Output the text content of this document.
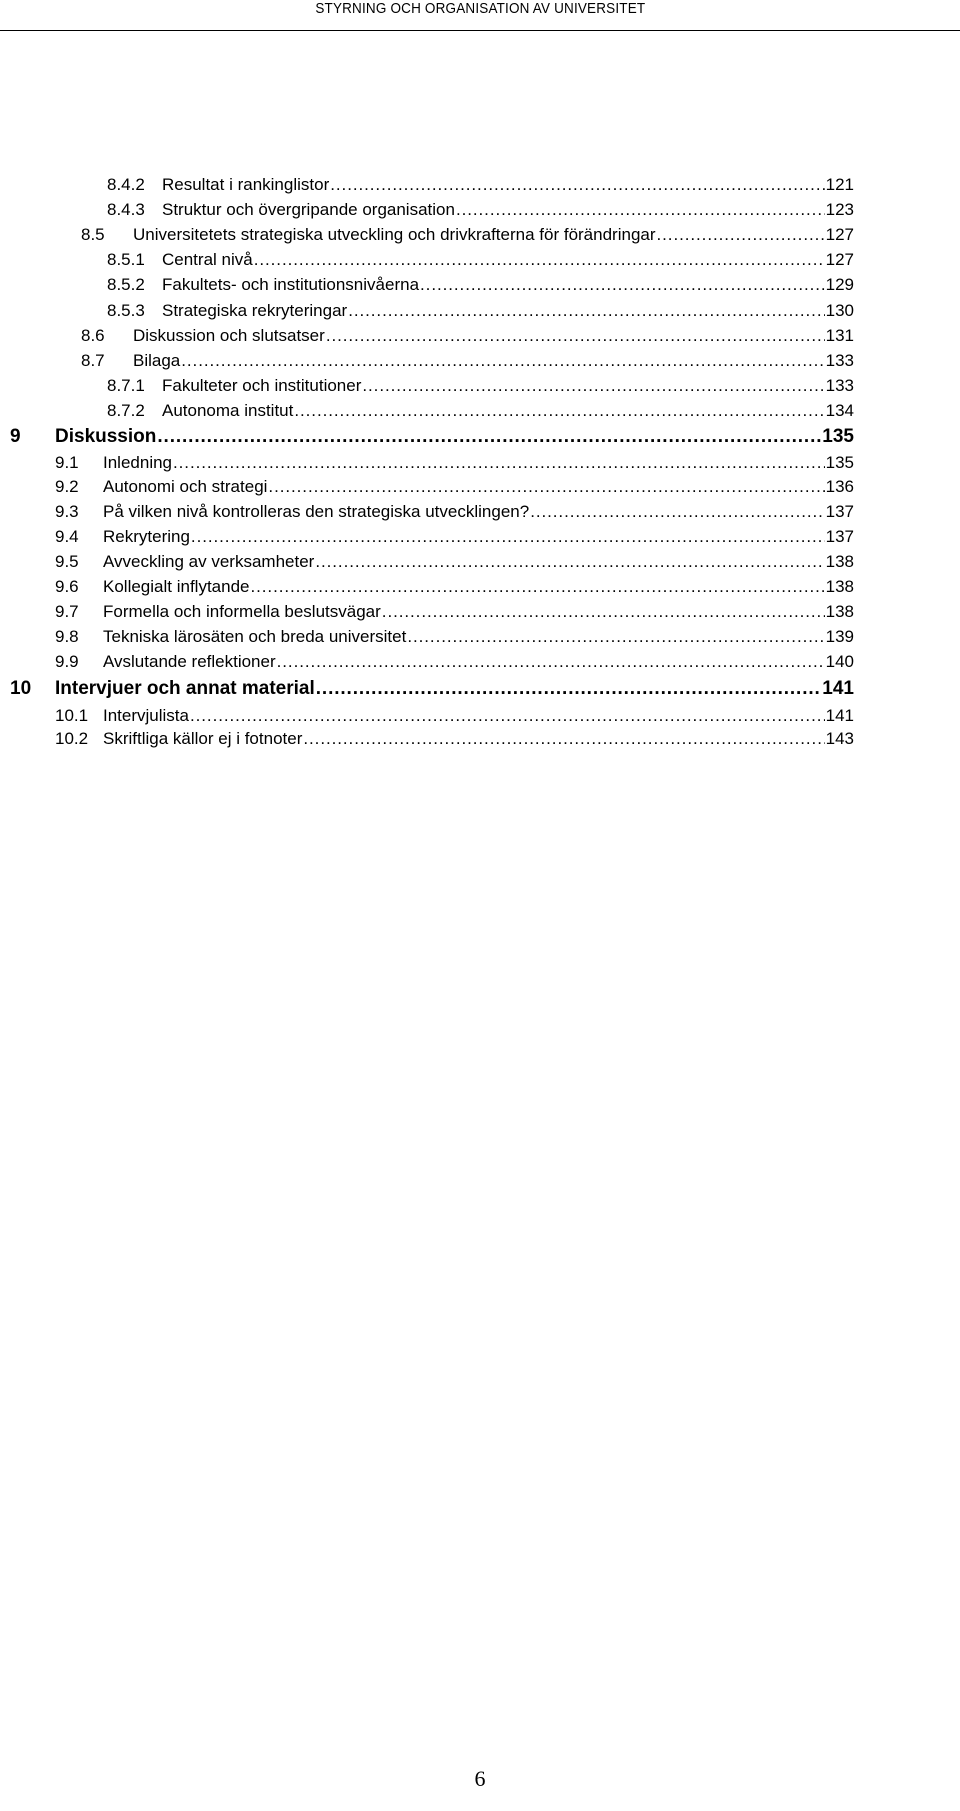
STYRNING OCH ORGANISATION AV UNIVERSITET
8.4.2 Resultat i rankinglistor . . .	121
8.4.3 Struktur och övergripande organisation . . .	123
8.5 Universitetets strategiska utveckling och drivkrafterna för förändringar . . .	127
8.5.1 Central nivå . . .	127
8.5.2 Fakultets- och institutionsnivåerna . . .	129
8.5.3 Strategiska rekryteringar . . .	130
8.6 Diskussion och slutsatser . . .	131
8.7 Bilaga . . .	133
8.7.1 Fakulteter och institutioner . . .	133
8.7.2 Autonoma institut . . .	134
9 Diskussion . . .	135
9.1 Inledning . . .	135
9.2 Autonomi och strategi . . .	136
9.3 På vilken nivå kontrolleras den strategiska utvecklingen? . . .	137
9.4 Rekrytering . . .	137
9.5 Avveckling av verksamheter . . .	138
9.6 Kollegialt inflytande . . .	138
9.7 Formella och informella beslutsvägar . . .	138
9.8 Tekniska lärosäten och breda universitet . . .	139
9.9 Avslutande reflektioner . . .	140
10 Intervjuer och annat material . . .	141
10.1 Intervjulista . . .	141
10.2 Skriftliga källor ej i fotnoter . . .	143
6
